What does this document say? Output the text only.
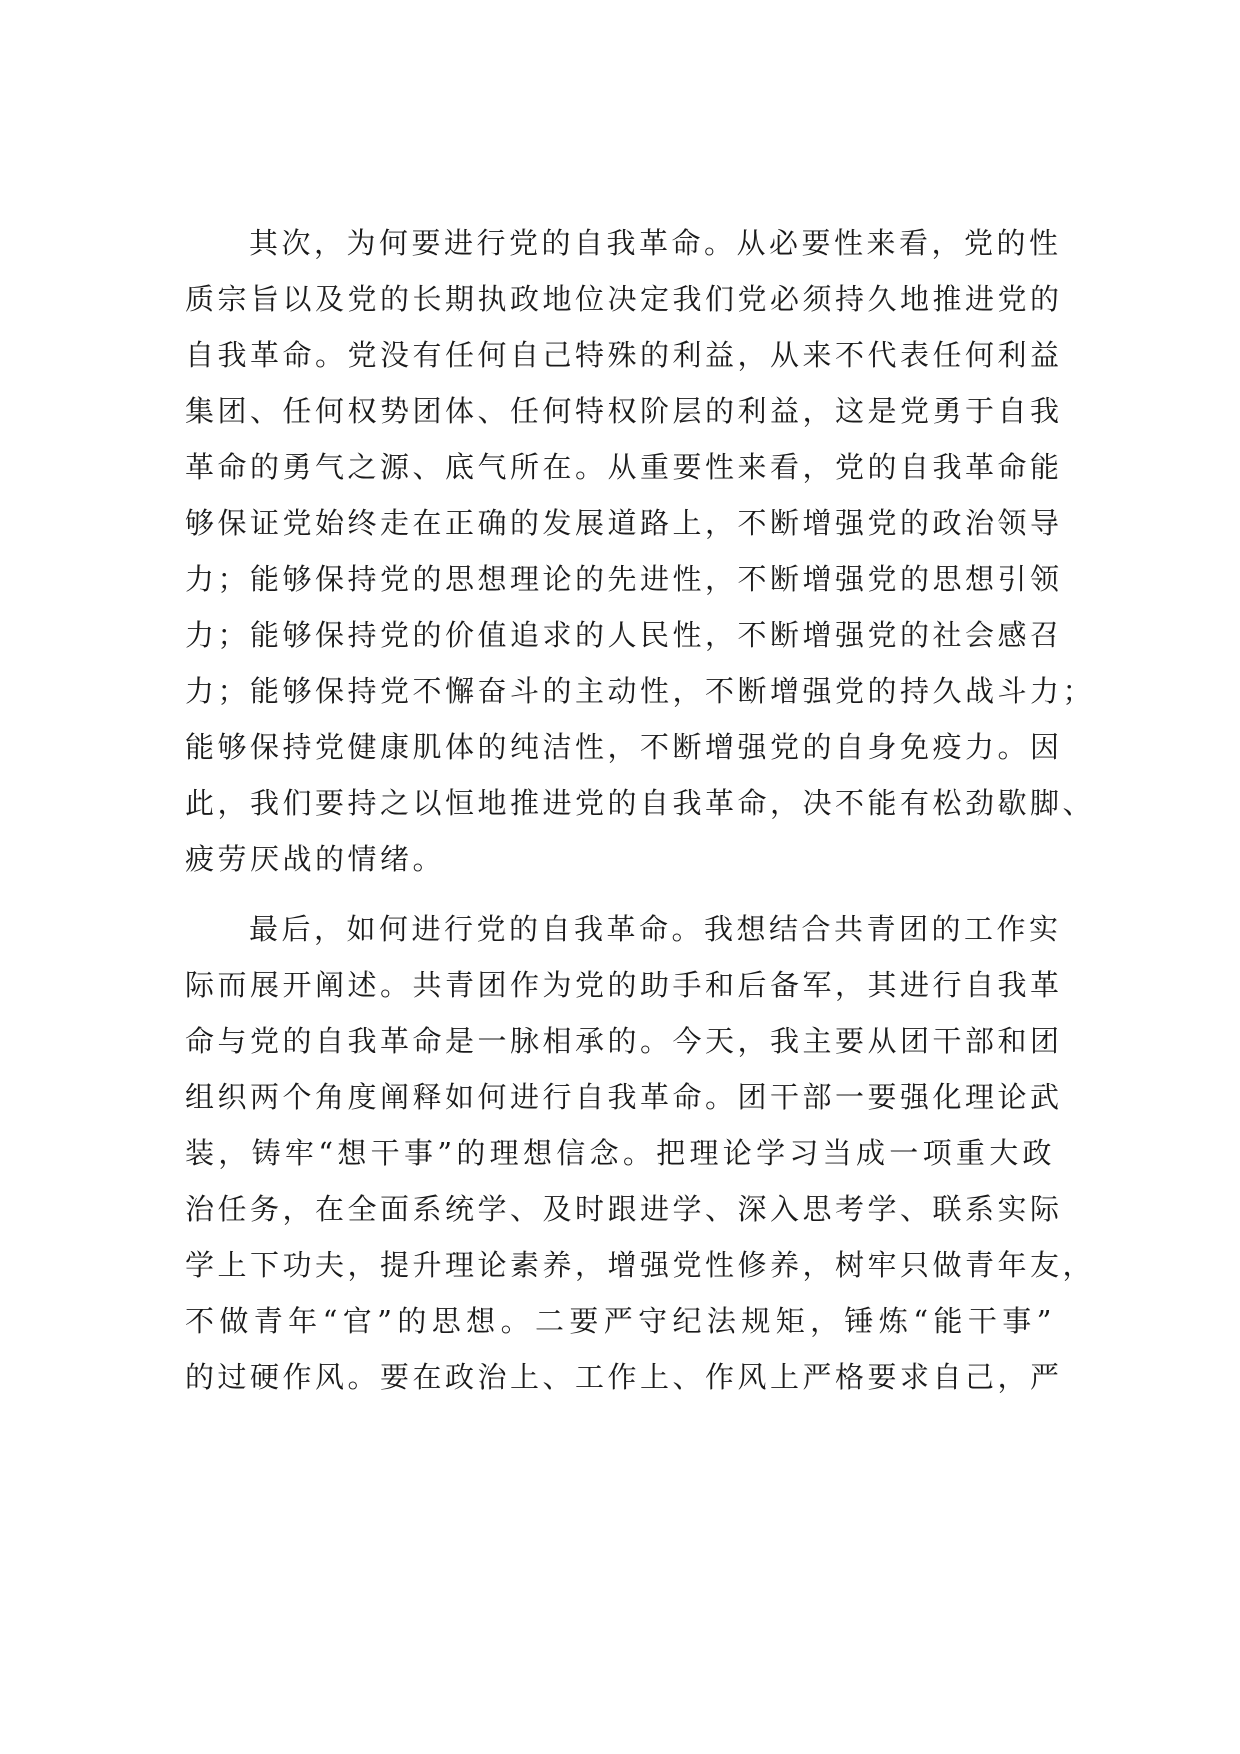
其次，为何要进行党的自我革命。从必要性来看，党的性
质宗旨以及党的长期执政地位决定我们党必须持久地推进党的
自我革命。党没有任何自己特殊的利益，从来不代表任何利益
集团、任何权势团体、任何特权阶层的利益，这是党勇于自我
革命的勇气之源、底气所在。从重要性来看，党的自我革命能
够保证党始终走在正确的发展道路上，不断增强党的政治领导
力；能够保持党的思想理论的先进性，不断增强党的思想引领
力；能够保持党的价值追求的人民性，不断增强党的社会感召
力；能够保持党不懈奋斗的主动性，不断增强党的持久战斗力；
能够保持党健康肌体的纯洁性，不断增强党的自身免疫力。因
此，我们要持之以恒地推进党的自我革命，决不能有松劲歇脚、
疲劳厌战的情绪。
最后，如何进行党的自我革命。我想结合共青团的工作实
际而展开阐述。共青团作为党的助手和后备军，其进行自我革
命与党的自我革命是一脉相承的。今天，我主要从团干部和团
组织两个角度阐释如何进行自我革命。团干部一要强化理论武
装，铸牢“想干事”的理想信念。把理论学习当成一项重大政
治任务，在全面系统学、及时跟进学、深入思考学、联系实际
学上下功夫，提升理论素养，增强党性修养，树牢只做青年友，
不做青年“官”的思想。二要严守纪法规矩，锤炼“能干事”
的过硬作风。要在政治上、工作上、作风上严格要求自己，严
